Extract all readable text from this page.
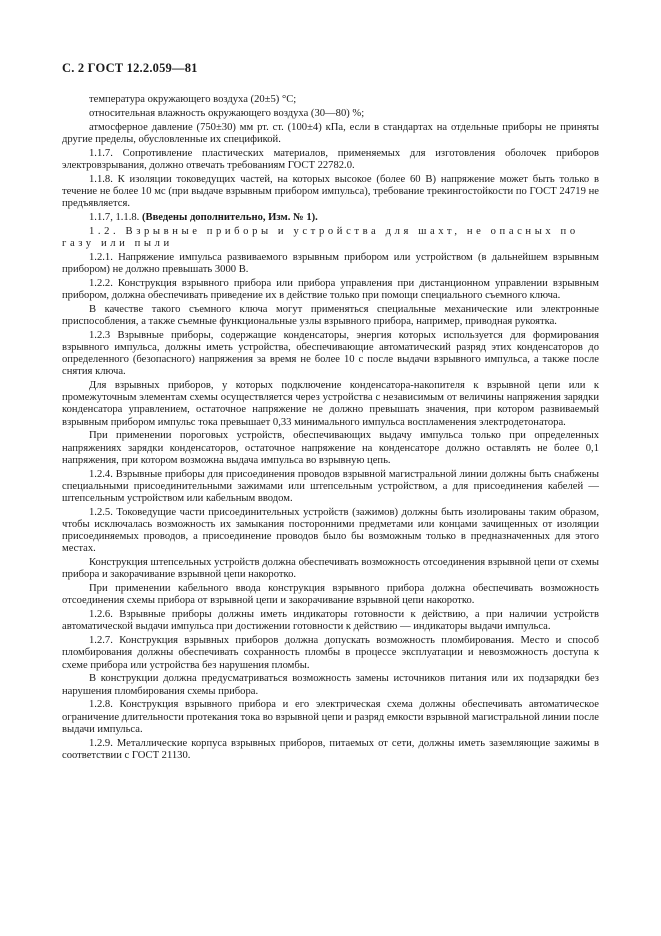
С. 2 ГОСТ 12.2.059—81

температура окружающего воздуха (20±5) °С;

относительная влажность окружающего воздуха (30—80) %;

атмосферное давление (750±30) мм рт. ст. (100±4) кПа, если в стандартах на отдельные приборы не приняты другие пределы, обусловленные их спецификой.

1.1.7. Сопротивление пластических материалов, применяемых для изготовления оболочек приборов электровзрывания, должно отвечать требованиям ГОСТ 22782.0.

1.1.8. К изоляции токоведущих частей, на которых высокое (более 60 В) напряжение может быть только в течение не более 10 мс (при выдаче взрывным прибором импульса), требование трекингостойкости по ГОСТ 24719 не предъявляется.

1.1.7, 1.1.8. (Введены дополнительно, Изм. № 1).

1.2. Взрывные приборы и устройства для шахт, не опасных по газу или пыли

1.2.1. Напряжение импульса развиваемого взрывным прибором или устройством (в дальнейшем взрывным прибором) не должно превышать 3000 В.

1.2.2. Конструкция взрывного прибора или прибора управления при дистанционном управлении взрывным прибором, должна обеспечивать приведение их в действие только при помощи специального съемного ключа.

В качестве такого съемного ключа могут применяться специальные механические или электронные приспособления, а также съемные функциональные узлы взрывного прибора, например, приводная рукоятка.

1.2.3 Взрывные приборы, содержащие конденсаторы, энергия которых используется для формирования взрывного импульса, должны иметь устройства, обеспечивающие автоматический разряд этих конденсаторов до определенного (безопасного) напряжения за время не более 10 с после выдачи взрывного импульса, а также после снятия ключа.

Для взрывных приборов, у которых подключение конденсатора-накопителя к взрывной цепи или к промежуточным элементам схемы осуществляется через устройства с независимым от величины напряжения зарядки конденсатора управлением, остаточное напряжение не должно превышать значения, при котором развиваемый взрывным прибором импульс тока превышает 0,33 минимального импульса воспламенения электродетонатора.

При применении пороговых устройств, обеспечивающих выдачу импульса только при определенных напряжениях зарядки конденсаторов, остаточное напряжение на конденсаторе должно оставлять не более 0,1 напряжения, при котором возможна выдача импульса во взрывную цепь.

1.2.4. Взрывные приборы для присоединения проводов взрывной магистральной линии должны быть снабжены специальными присоединительными зажимами или штепсельным устройством, а для присоединения кабелей — штепсельным устройством или кабельным вводом.

1.2.5. Токоведущие части присоединительных устройств (зажимов) должны быть изолированы таким образом, чтобы исключалась возможность их замыкания посторонними предметами или концами зачищенных от изоляции присоединяемых проводов, а присоединение проводов было бы возможным только в предназначенных для этого местах.

Конструкция штепсельных устройств должна обеспечивать возможность отсоединения взрывной цепи от схемы прибора и закорачивание взрывной цепи накоротко.

При применении кабельного ввода конструкция взрывного прибора должна обеспечивать возможность отсоединения схемы прибора от взрывной цепи и закорачивание взрывной цепи накоротко.

1.2.6. Взрывные приборы должны иметь индикаторы готовности к действию, а при наличии устройств автоматической выдачи импульса при достижении готовности к действию — индикаторы выдачи импульса.

1.2.7. Конструкция взрывных приборов должна допускать возможность пломбирования. Место и способ пломбирования должны обеспечивать сохранность пломбы в процессе эксплуатации и невозможность доступа к схеме прибора или устройства без нарушения пломбы.

В конструкции должна предусматриваться возможность замены источников питания или их подзарядки без нарушения пломбирования схемы прибора.

1.2.8. Конструкция взрывного прибора и его электрическая схема должны обеспечивать автоматическое ограничение длительности протекания тока во взрывной цепи и разряд емкости взрывной магистральной линии после выдачи импульса.

1.2.9. Металлические корпуса взрывных приборов, питаемых от сети, должны иметь заземляющие зажимы в соответствии с ГОСТ 21130.
